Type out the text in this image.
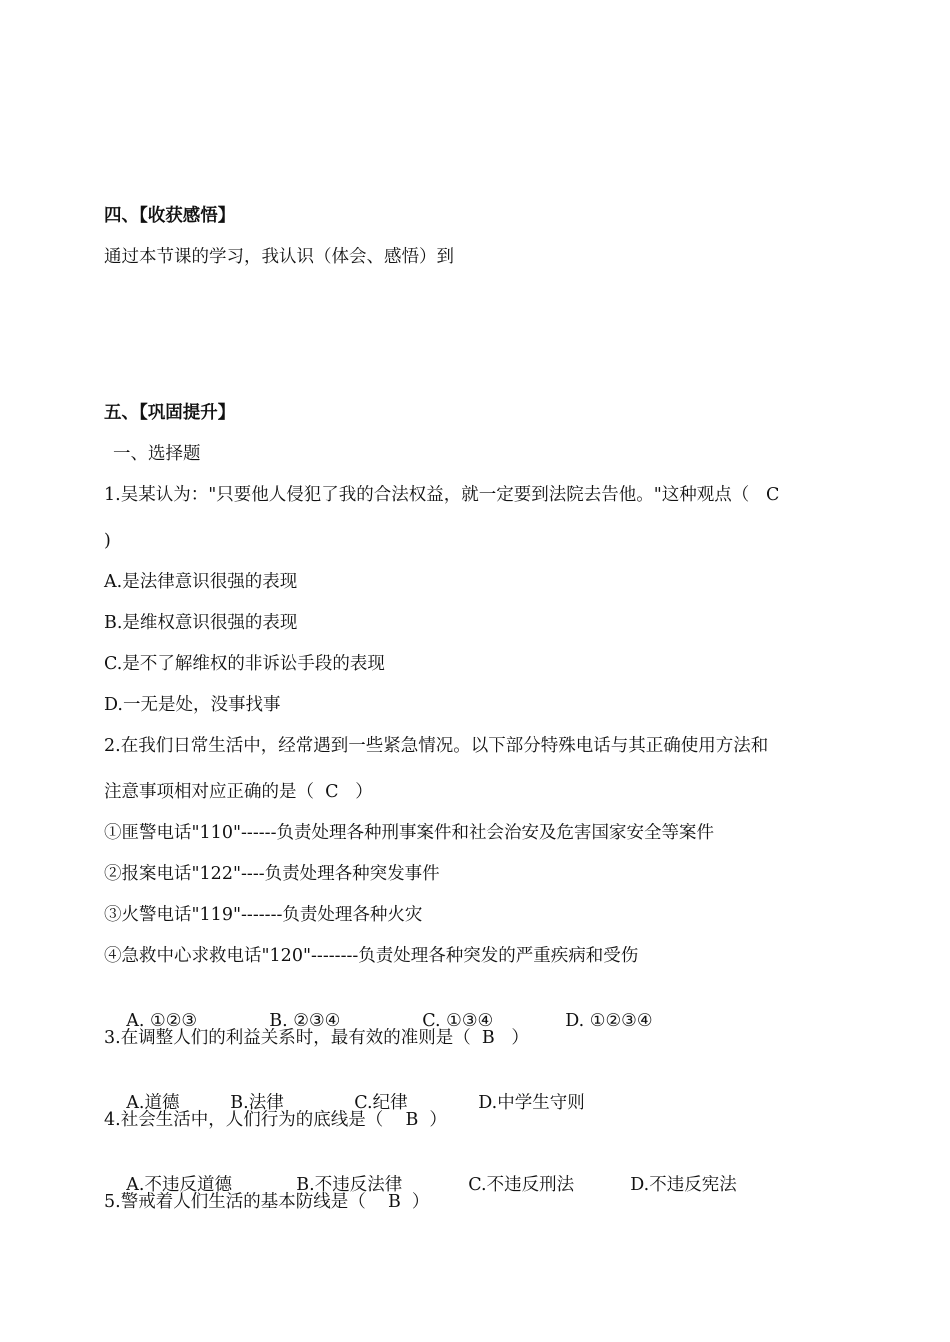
四、【收获感悟】
通过本节课的学习，我认识（体会、感悟）到
五、【巩固提升】
一、选择题
1.吴某认为："只要他人侵犯了我的合法权益，就一定要到法院去告他。"这种观点（   C
)
A.是法律意识很强的表现
B.是维权意识很强的表现
C.是不了解维权的非诉讼手段的表现
D.一无是处，没事找事
2.在我们日常生活中，经常遇到一些紧急情况。以下部分特殊电话与其正确使用方法和
注意事项相对应正确的是（  C   ）
①匪警电话"110"------负责处理各种刑事案件和社会治安及危害国家安全等案件
②报案电话"122"----负责处理各种突发事件
③火警电话"119"-------负责处理各种火灾
④急救中心求救电话"120"--------负责处理各种突发的严重疾病和受伤

A. ①②③	B. ②③④	C. ①③④	D. ①②③④

3.在调整人们的利益关系时，最有效的准则是（  B   ）

A.道德	B.法律	C.纪律	D.中学生守则

4.社会生活中，人们行为的底线是（    B  ）

A.不违反道德	B.不违反法律	C.不违反刑法	D.不违反宪法

5.警戒着人们生活的基本防线是（    B  ）
